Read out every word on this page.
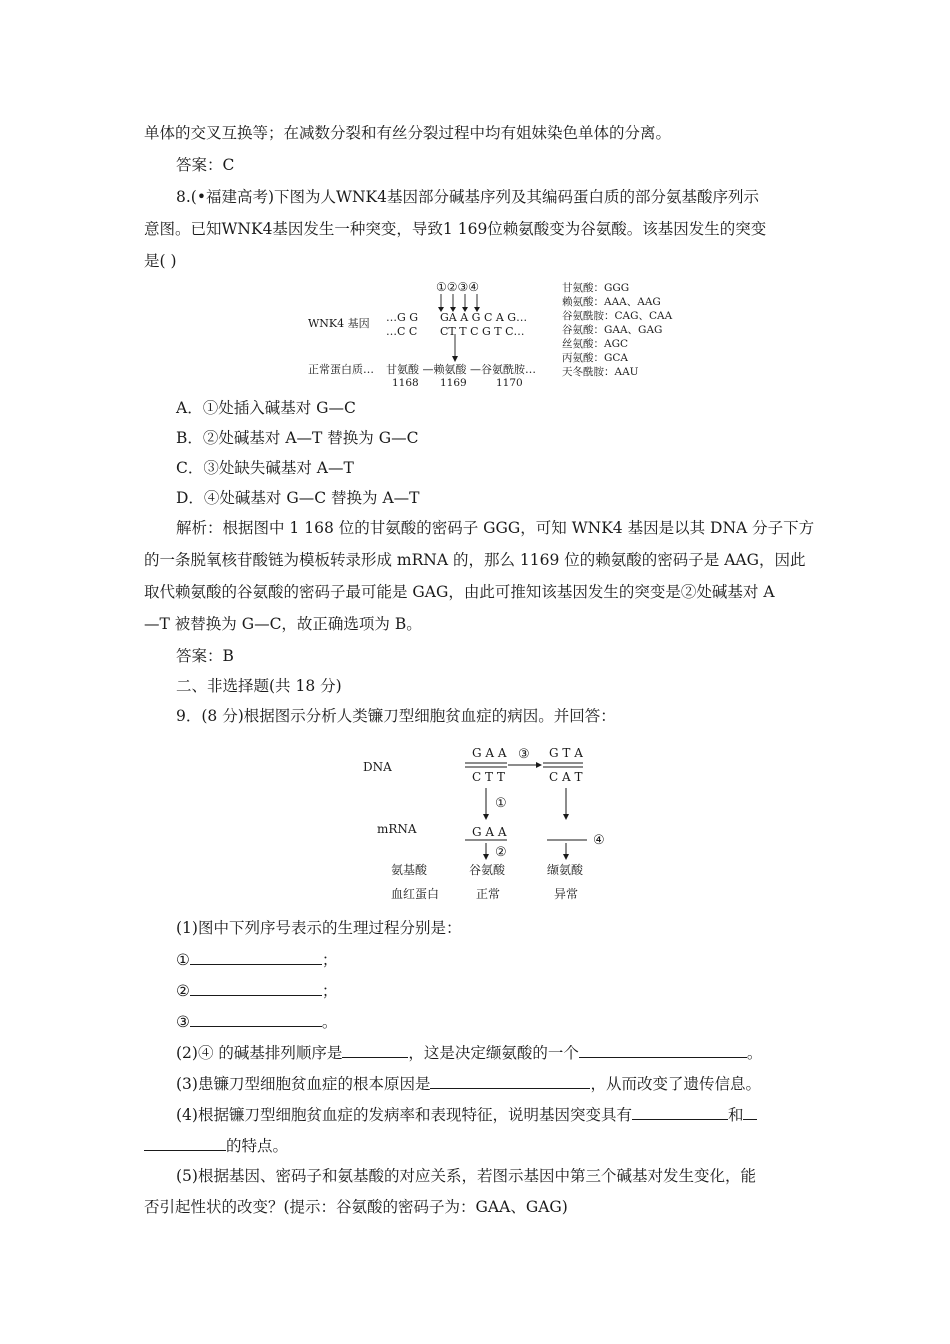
单体的交叉互换等；在减数分裂和有丝分裂过程中均有姐妹染色单体的分离。
答案：C
8.(•福建高考)下图为人WNK4基因部分碱基序列及其编码蛋白质的部分氨基酸序列示
意图。已知WNK4基因发生一种突变，导致1 169位赖氨酸变为谷氨酸。该基因发生的突变
是( )
①②③④
WNK4 基因 …G G GA A G C A G…
…C C CT T C G T C…
正常蛋白质… 甘氨酸 —赖氨酸 —谷氨酰胺…
1168 1169	1170
甘氨酸：GGG
赖氨酸：AAA、AAG
谷氨酰胺：CAG、CAA
谷氨酸：GAA、GAG
丝氨酸：AGC
丙氨酸：GCA
天冬酰胺：AAU
A．①处插入碱基对 G—C
B．②处碱基对 A—T 替换为 G—C
C．③处缺失碱基对 A—T
D．④处碱基对 G—C 替换为 A—T
解析：根据图中 1 168 位的甘氨酸的密码子 GGG，可知 WNK4 基因是以其 DNA 分子下方
的一条脱氧核苷酸链为模板转录形成 mRNA 的，那么 1169 位的赖氨酸的密码子是 AAG，因此
取代赖氨酸的谷氨酸的密码子最可能是 GAG，由此可推知该基因发生的突变是②处碱基对 A
—T 被替换为 G—C，故正确选项为 B。
答案：B
二、非选择题(共 18 分)
9．(8 分)根据图示分析人类镰刀型细胞贫血症的病因。并回答：
DNA
mRNA
氨基酸
血红蛋白
G A A
C T T
③ G T A
C A T
①
G A A
④
②
谷氨酸	缬氨酸
正常	异常
(1)图中下列序号表示的生理过程分别是：
①	；
②	；
③	。
(2)④ 的碱基排列顺序是	，这是决定缬氨酸的一个	。
(3)患镰刀型细胞贫血症的根本原因是	，从而改变了遗传信息。
(4)根据镰刀型细胞贫血症的发病率和表现特征，说明基因突变具有	和
的特点。
(5)根据基因、密码子和氨基酸的对应关系，若图示基因中第三个碱基对发生变化，能
否引起性状的改变？(提示：谷氨酸的密码子为：GAA、GAG)
